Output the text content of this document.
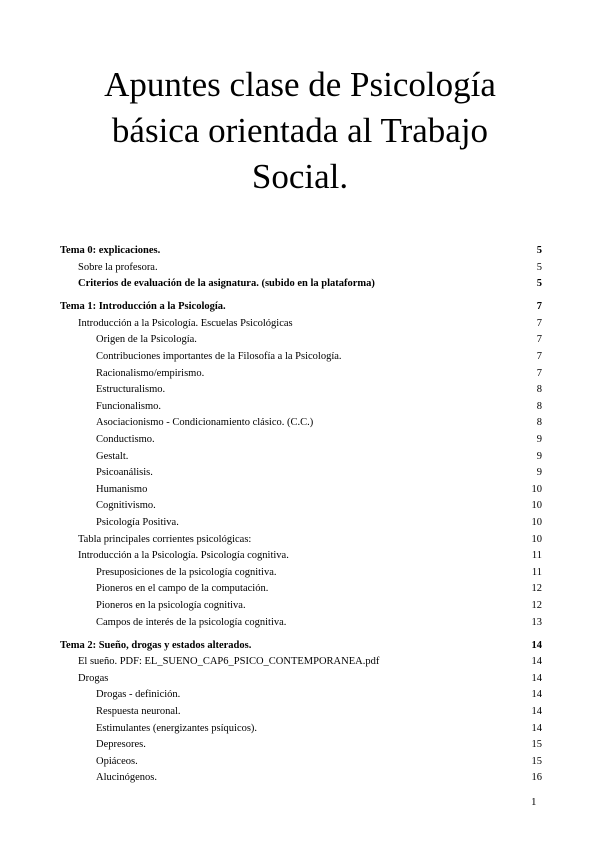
Apuntes clase de Psicología
básica orientada al Trabajo
Social.
Tema 0: explicaciones.	5
Sobre la profesora.	5
Criterios de evaluación de la asignatura. (subido en la plataforma)	5
Tema 1: Introducción a la Psicología.	7
Introducción a la Psicología. Escuelas Psicológicas	7
Origen de la Psicología.	7
Contribuciones importantes de la Filosofía a la Psicología.	7
Racionalismo/empirismo.	7
Estructuralismo.	8
Funcionalismo.	8
Asociacionismo - Condicionamiento clásico. (C.C.)	8
Conductismo.	9
Gestalt.	9
Psicoanálisis.	9
Humanismo	10
Cognitivismo.	10
Psicología Positiva.	10
Tabla principales corrientes psicológicas:	10
Introducción a la Psicología. Psicología cognitiva.	11
Presuposiciones de la psicología cognitiva.	11
Pioneros en el campo de la computación.	12
Pioneros en la psicología cognitiva.	12
Campos de interés de la psicología cognitiva.	13
Tema 2: Sueño, drogas y estados alterados.	14
El sueño. PDF: EL_SUENO_CAP6_PSICO_CONTEMPORANEA.pdf	14
Drogas	14
Drogas - definición.	14
Respuesta neuronal.	14
Estimulantes (energizantes psíquicos).	14
Depresores.	15
Opiáceos.	15
Alucinógenos.	16
1
